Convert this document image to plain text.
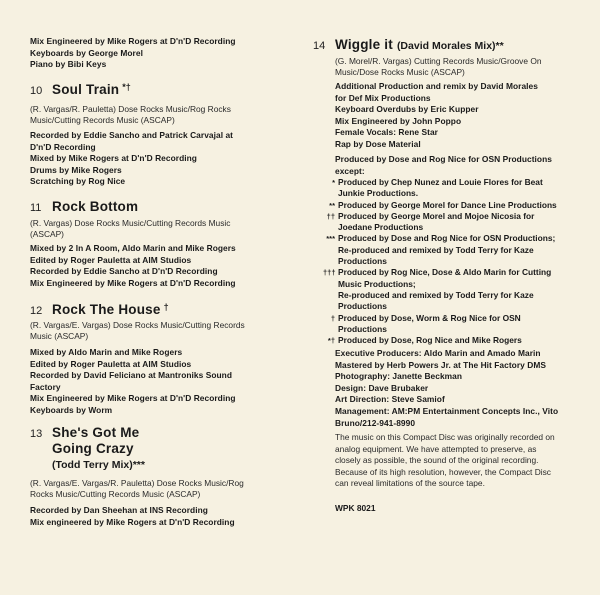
Mix Engineered by Mike Rogers at D'n'D Recording
Keyboards by George Morel
Piano by Bibi Keys
10 Soul Train *†
(R. Vargas/R. Pauletta) Dose Rocks Music/Rog Rocks
Music/Cutting Records Music (ASCAP)
Recorded by Eddie Sancho and Patrick Carvajal at
D'n'D Recording
Mixed by Mike Rogers at D'n'D Recording
Drums by Mike Rogers
Scratching by Rog Nice
11 Rock Bottom
(R. Vargas) Dose Rocks Music/Cutting Records Music
(ASCAP)
Mixed by 2 In A Room, Aldo Marin and Mike Rogers
Edited by Roger Pauletta at AIM Studios
Recorded by Eddie Sancho at D'n'D Recording
Mix Engineered by Mike Rogers at D'n'D Recording
12 Rock The House †
(R. Vargas/E. Vargas) Dose Rocks Music/Cutting Records
Music (ASCAP)
Mixed by Aldo Marin and Mike Rogers
Edited by Roger Pauletta at AIM Studios
Recorded by David Feliciano at Mantroniks Sound
Factory
Mix Engineered by Mike Rogers at D'n'D Recording
Keyboards by Worm
13 She's Got Me
Going Crazy
(Todd Terry Mix)***
(R. Vargas/E. Vargas/R. Pauletta) Dose Rocks Music/Rog
Rocks Music/Cutting Records Music (ASCAP)
Recorded by Dan Sheehan at INS Recording
Mix engineered by Mike Rogers at D'n'D Recording
14 Wiggle it (David Morales Mix)**
(G. Morel/R. Vargas) Cutting Records Music/Groove On
Music/Dose Rocks Music (ASCAP)
Additional Production and remix by David Morales
for Def Mix Productions
Keyboard Overdubs by Eric Kupper
Mix Engineered by John Poppo
Female Vocals: Rene Star
Rap by Dose Material
Produced by Dose and Rog Nice for OSN Productions
except:
* Produced by Chep Nunez and Louie Flores for Beat
Junkie Productions.
** Produced by George Morel for Dance Line Productions
†† Produced by George Morel and Mojoe Nicosia for
Joedane Productions
*** Produced by Dose and Rog Nice for OSN Productions;
Re-produced and remixed by Todd Terry for Kaze
Productions
††† Produced by Rog Nice, Dose & Aldo Marin for Cutting
Music Productions;
Re-produced and remixed by Todd Terry for Kaze
Productions
† Produced by Dose, Worm & Rog Nice for OSN
Productions
*† Produced by Dose, Rog Nice and Mike Rogers
Executive Producers: Aldo Marin and Amado Marin
Mastered by Herb Powers Jr. at The Hit Factory DMS
Photography: Janette Beckman
Design: Dave Brubaker
Art Direction: Steve Samiof
Management: AM:PM Entertainment Concepts Inc., Vito
Bruno/212-941-8990
The music on this Compact Disc was originally recorded on
analog equipment. We have attempted to preserve, as
closely as possible, the sound of the original recording.
Because of its high resolution, however, the Compact Disc
can reveal limitations of the source tape.
WPK 8021
